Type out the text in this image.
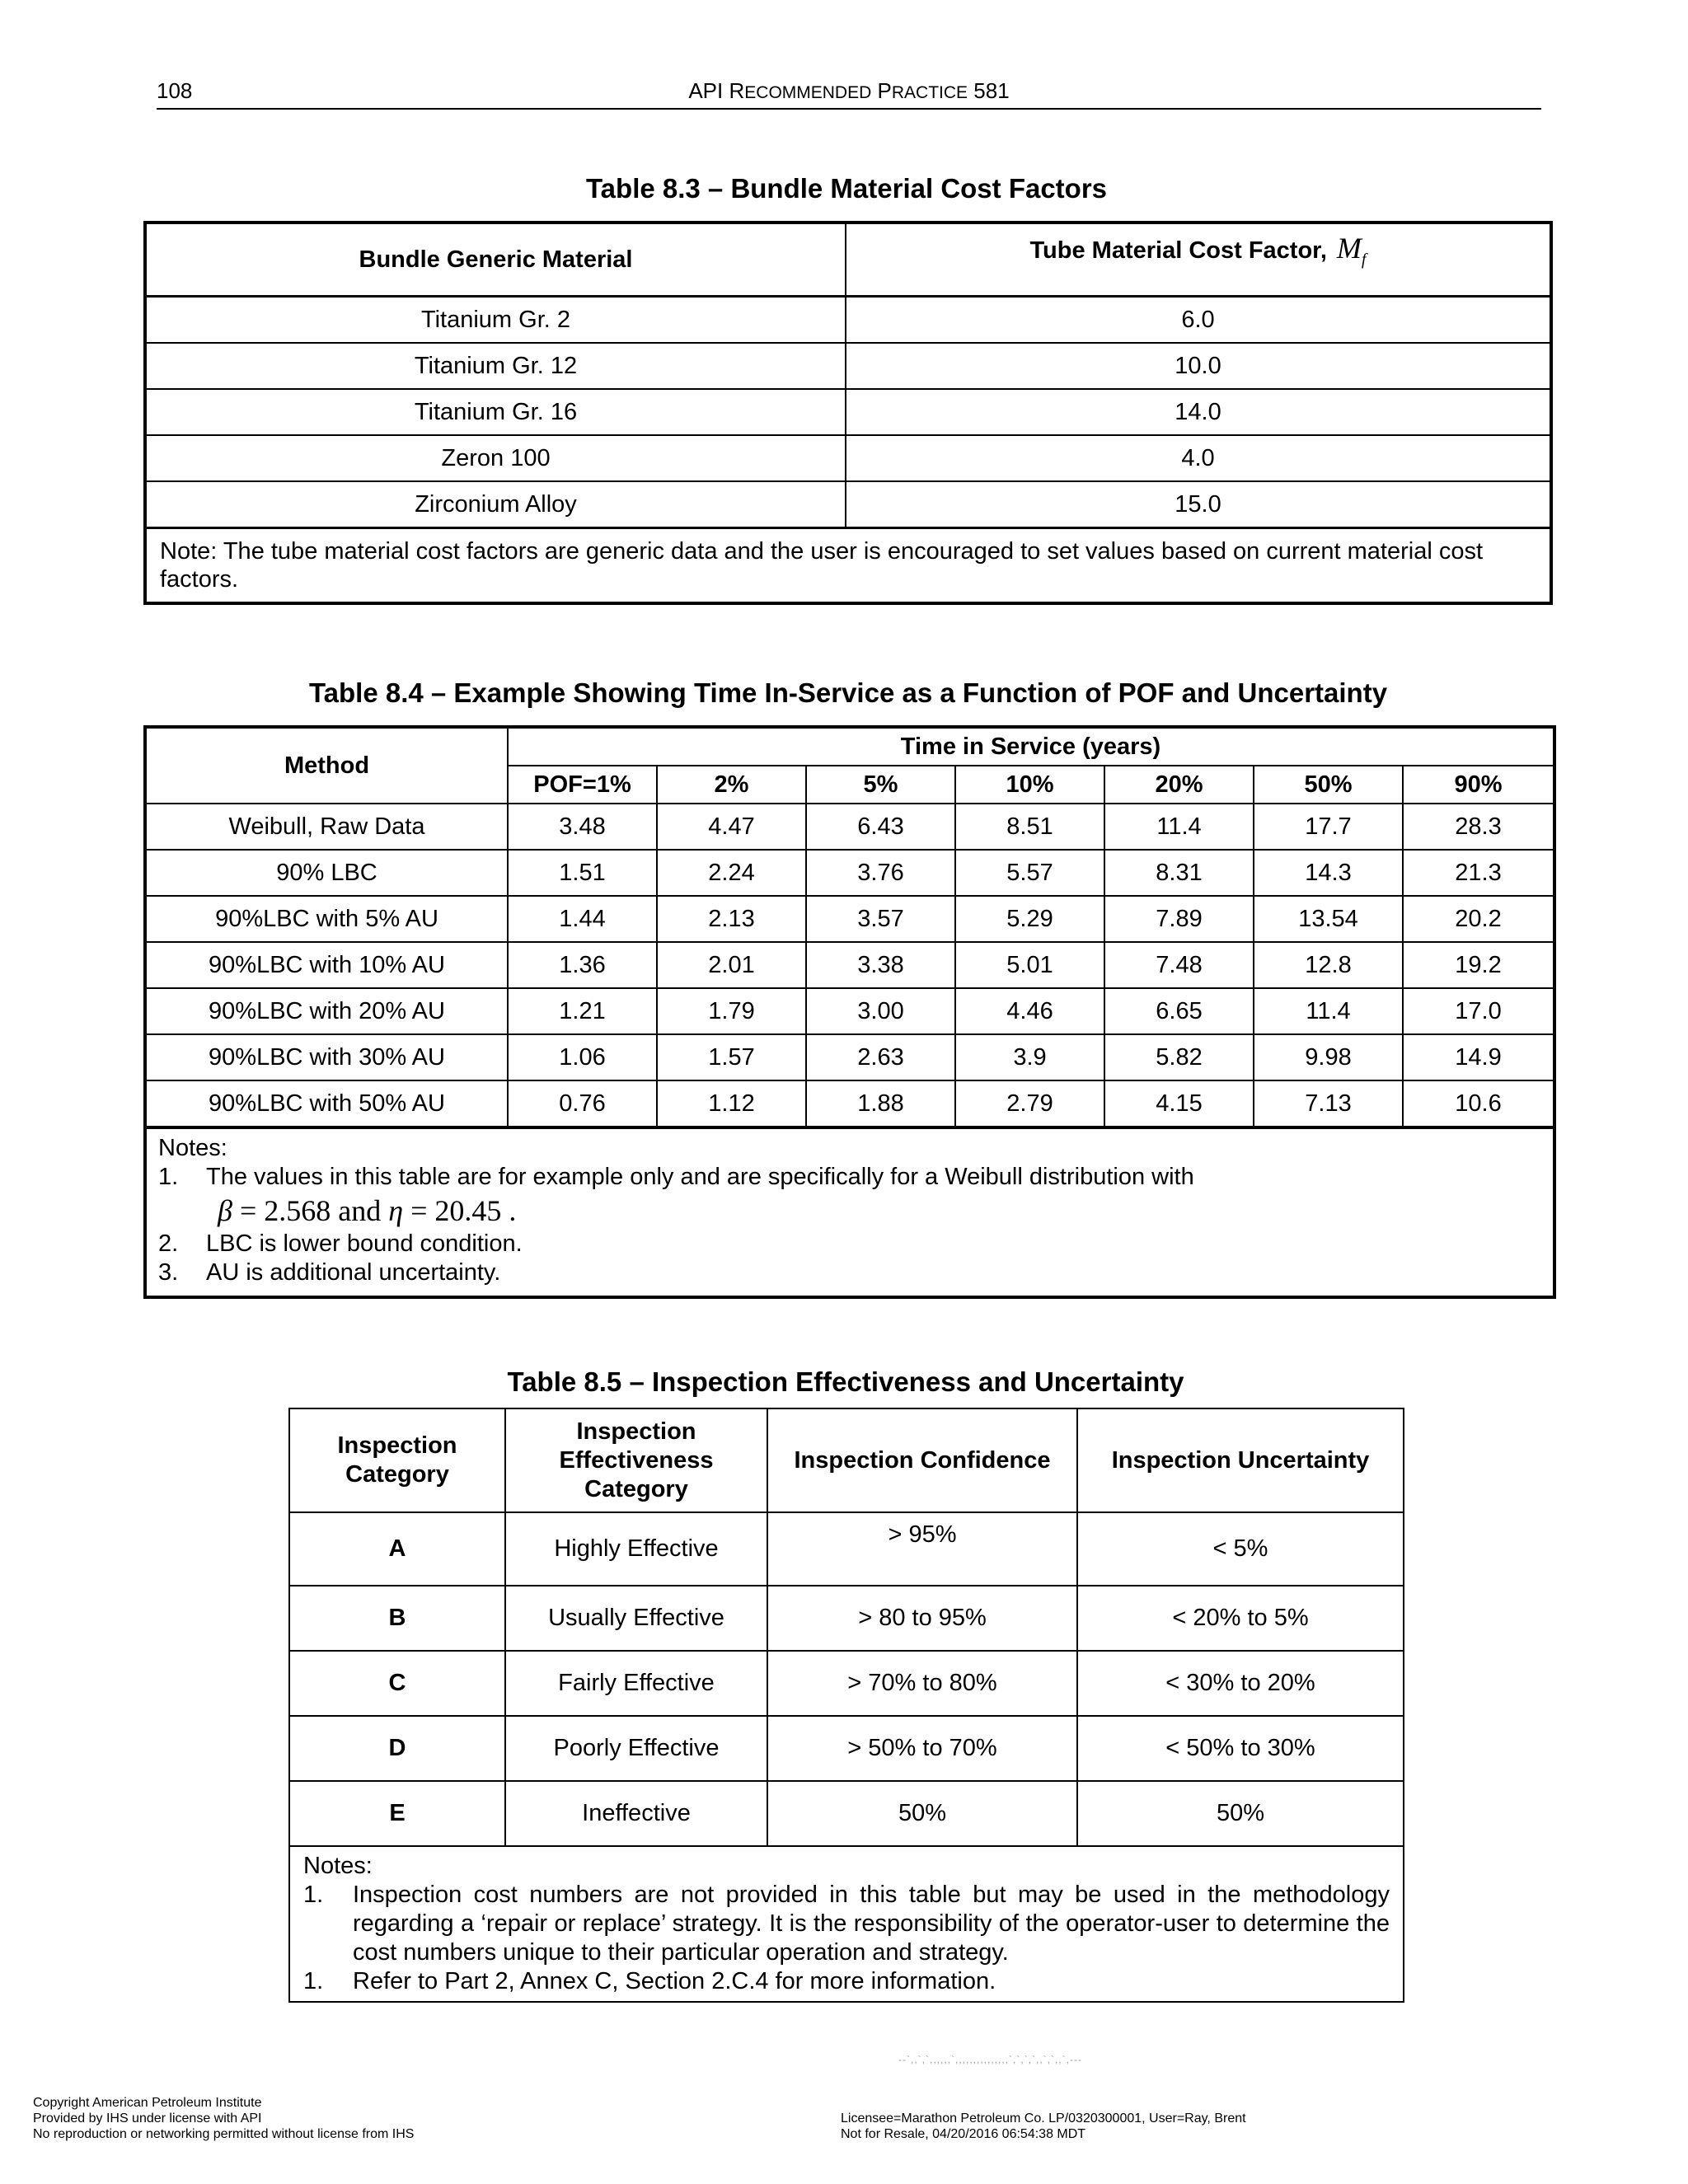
108	API RECOMMENDED PRACTICE 581
Table 8.3 – Bundle Material Cost Factors
Bundle Generic Material	Tube Material Cost Factor, $M_f$
Titanium Gr. 2	6.0
Titanium Gr. 12	10.0
Titanium Gr. 16	14.0
Zeron 100	4.0
Zirconium Alloy	15.0
Note: The tube material cost factors are generic data and the user is encouraged to set values based on current material cost factors.	
Table 8.4 – Example Showing Time In-Service as a Function of POF and Uncertainty
Method	Time in Service (years)						
	POF=1%	2%	5%	10%	20%	50%	90%
Weibull, Raw Data	3.48	4.47	6.43	8.51	11.4	17.7	28.3
90% LBC	1.51	2.24	3.76	5.57	8.31	14.3	21.3
90%LBC with 5% AU	1.44	2.13	3.57	5.29	7.89	13.54	20.2
90%LBC with 10% AU	1.36	2.01	3.38	5.01	7.48	12.8	19.2
90%LBC with 20% AU	1.21	1.79	3.00	4.46	6.65	11.4	17.0
90%LBC with 30% AU	1.06	1.57	2.63	3.9	5.82	9.98	14.9
90%LBC with 50% AU	0.76	1.12	1.88	2.79	4.15	7.13	10.6

Notes:
1. The values in this table are for example only and are specifically for a Weibull distribution with
β = 2.568 and η = 20.45 .
2. LBC is lower bound condition.
3. AU is additional uncertainty.							
Table 8.5 – Inspection Effectiveness and Uncertainty
Inspection Category	Inspection Effectiveness Category	Inspection Confidence	Inspection Uncertainty
A	Highly Effective	> 95%	< 5%
B	Usually Effective	> 80 to 95%	< 20% to 5%
C	Fairly Effective	> 70% to 80%	< 30% to 20%
D	Poorly Effective	> 50% to 70%	< 50% to 30%
E	Ineffective	50%	50%

Notes:
1. Inspection cost numbers are not provided in this table but may be used in the methodology regarding a ‘repair or replace’ strategy. It is the responsibility of the operator-user to determine the cost numbers unique to their particular operation and strategy.
1. Refer to Part 2, Annex C, Section 2.C.4 for more information.			
--`,,`,`,,,,,,`,,,,,,,,,,,,,,,`,`,`,`,,`,`,,`,---
Copyright American Petroleum Institute
Provided by IHS under license with API
No reproduction or networking permitted without license from IHS
Licensee=Marathon Petroleum Co. LP/0320300001, User=Ray, Brent
Not for Resale, 04/20/2016 06:54:38 MDT
